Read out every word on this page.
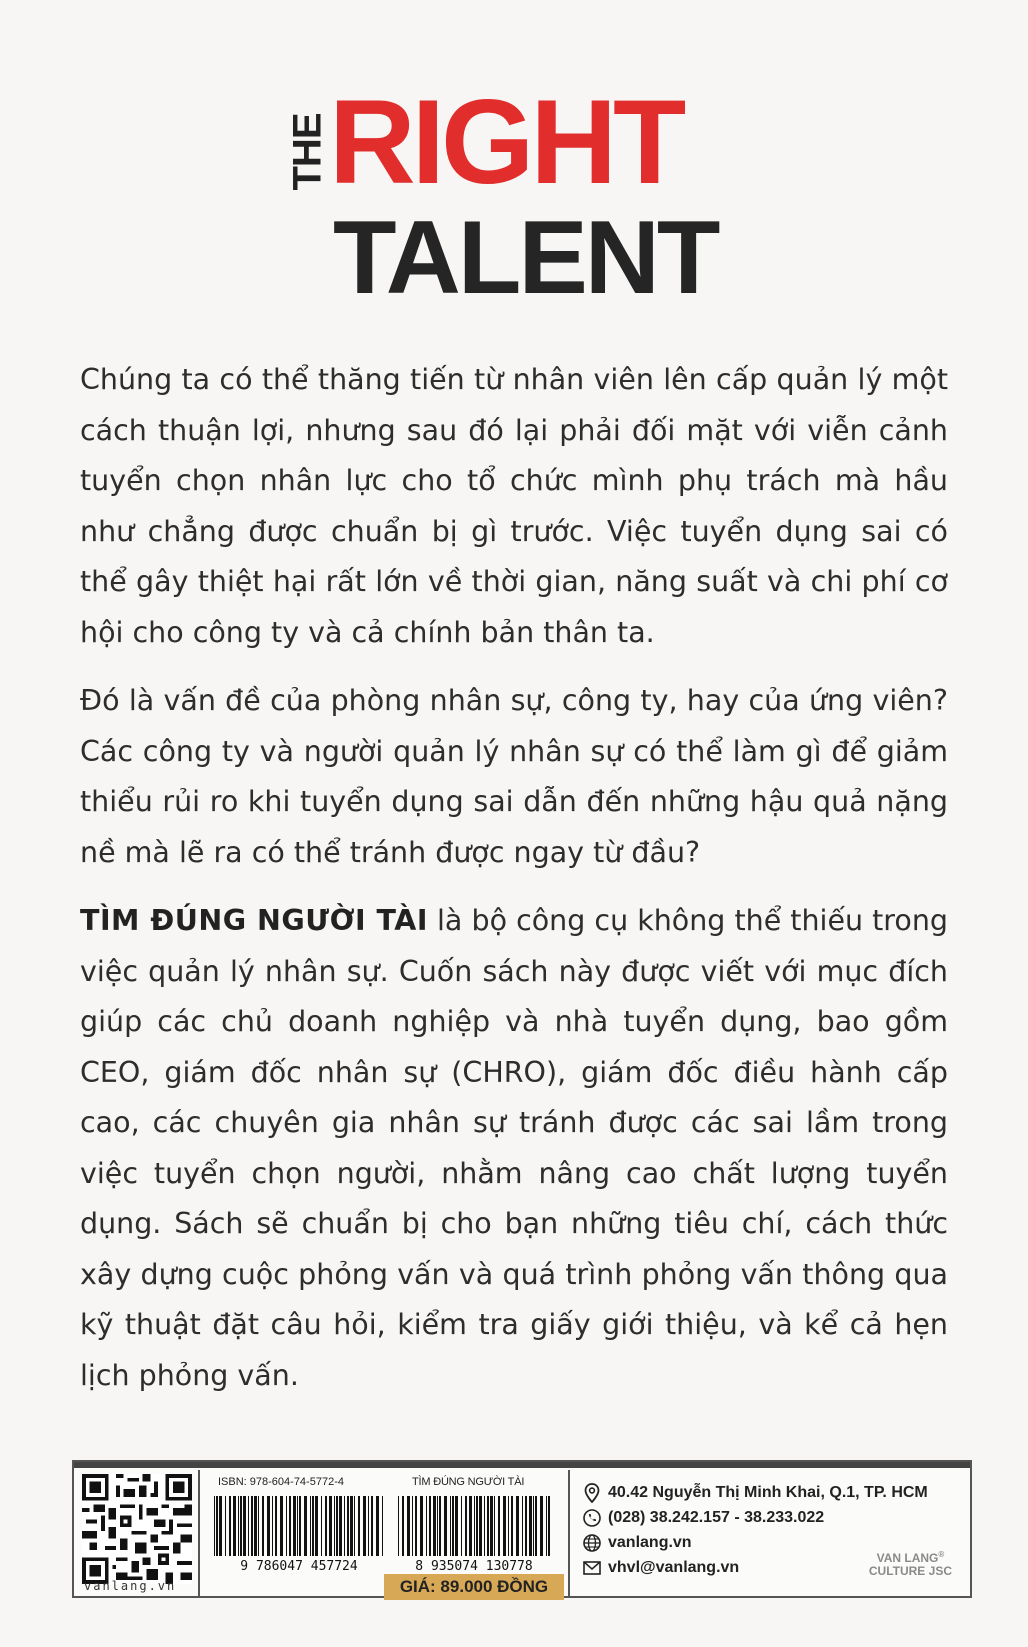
THE RIGHT
TALENT

Chúng ta có thể thăng tiến từ nhân viên lên cấp quản lý một cách thuận lợi, nhưng sau đó lại phải đối mặt với viễn cảnh tuyển chọn nhân lực cho tổ chức mình phụ trách mà hầu như chẳng được chuẩn bị gì trước. Việc tuyển dụng sai có thể gây thiệt hại rất lớn về thời gian, năng suất và chi phí cơ hội cho công ty và cả chính bản thân ta.

Đó là vấn đề của phòng nhân sự, công ty, hay của ứng viên? Các công ty và người quản lý nhân sự có thể làm gì để giảm thiểu rủi ro khi tuyển dụng sai dẫn đến những hậu quả nặng nề mà lẽ ra có thể tránh được ngay từ đầu?

TÌM ĐÚNG NGƯỜI TÀI là bộ công cụ không thể thiếu trong việc quản lý nhân sự. Cuốn sách này được viết với mục đích giúp các chủ doanh nghiệp và nhà tuyển dụng, bao gồm CEO, giám đốc nhân sự (CHRO), giám đốc điều hành cấp cao, các chuyên gia nhân sự tránh được các sai lầm trong việc tuyển chọn người, nhằm nâng cao chất lượng tuyển dụng. Sách sẽ chuẩn bị cho bạn những tiêu chí, cách thức xây dựng cuộc phỏng vấn và quá trình phỏng vấn thông qua kỹ thuật đặt câu hỏi, kiểm tra giấy giới thiệu, và kể cả hẹn lịch phỏng vấn.

vanlang.vn
ISBN: 978-604-74-5772-4	TÌM ĐÚNG NGƯỜI TÀI
9 786047 457724	8 935074 130778
GIÁ: 89.000 ĐỒNG
40.42 Nguyễn Thị Minh Khai, Q.1, TP. HCM
(028) 38.242.157 - 38.233.022
vanlang.vn
vhvl@vanlang.vn
VAN LANG®
CULTURE JSC
